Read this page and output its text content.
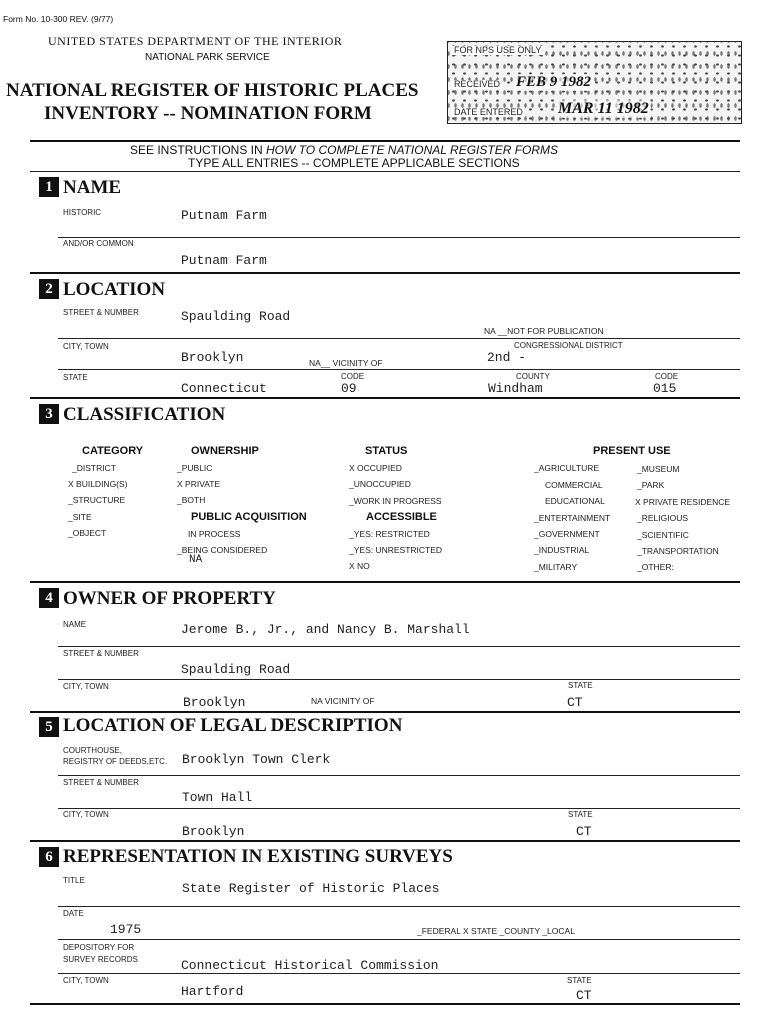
Form No. 10-300 REV. (9/77)
UNITED STATES DEPARTMENT OF THE INTERIOR
NATIONAL PARK SERVICE
NATIONAL REGISTER OF HISTORIC PLACES
INVENTORY -- NOMINATION FORM
FOR NPS USE ONLY
RECEIVED FEB 9 1982
DATE ENTERED MAR 11 1982
SEE INSTRUCTIONS IN HOW TO COMPLETE NATIONAL REGISTER FORMS
TYPE ALL ENTRIES -- COMPLETE APPLICABLE SECTIONS
1 NAME
HISTORIC	Putnam Farm
AND/OR COMMON
Putnam Farm
2 LOCATION
STREET & NUMBER	Spaulding Road
NA __NOT FOR PUBLICATION
CITY, TOWN
Brooklyn	NA__ VICINITY OF
CONGRESSIONAL DISTRICT
2nd -
STATE
Connecticut
CODE
09
COUNTY
Windham
CODE
015
3 CLASSIFICATION
CATEGORY
_DISTRICT
X BUILDING(S)
_STRUCTURE
_SITE
_OBJECT
OWNERSHIP
_PUBLIC
X PRIVATE
_BOTH
PUBLIC ACQUISITION
IN PROCESS
_BEING CONSIDERED
NA
STATUS
X OCCUPIED
_UNOCCUPIED
_WORK IN PROGRESS
ACCESSIBLE
_YES: RESTRICTED
_YES: UNRESTRICTED
X NO
PRESENT USE
_AGRICULTURE
COMMERCIAL
EDUCATIONAL
_ENTERTAINMENT
_GOVERNMENT
_INDUSTRIAL
_MILITARY
_MUSEUM
_PARK
X PRIVATE RESIDENCE
_RELIGIOUS
_SCIENTIFIC
_TRANSPORTATION
_OTHER:
4 OWNER OF PROPERTY
NAME	Jerome B., Jr., and Nancy B. Marshall
STREET & NUMBER
Spaulding Road
CITY, TOWN
Brooklyn	NA VICINITY OF
STATE
CT
5 LOCATION OF LEGAL DESCRIPTION
COURTHOUSE,
REGISTRY OF DEEDS,ETC. Brooklyn Town Clerk
STREET & NUMBER
Town Hall
CITY, TOWN
Brooklyn
STATE
CT
6 REPRESENTATION IN EXISTING SURVEYS
TITLE
State Register of Historic Places
DATE
1975	_FEDERAL X STATE _COUNTY _LOCAL
DEPOSITORY FOR
SURVEY RECORDS	Connecticut Historical Commission
CITY, TOWN
Hartford
STATE
CT
